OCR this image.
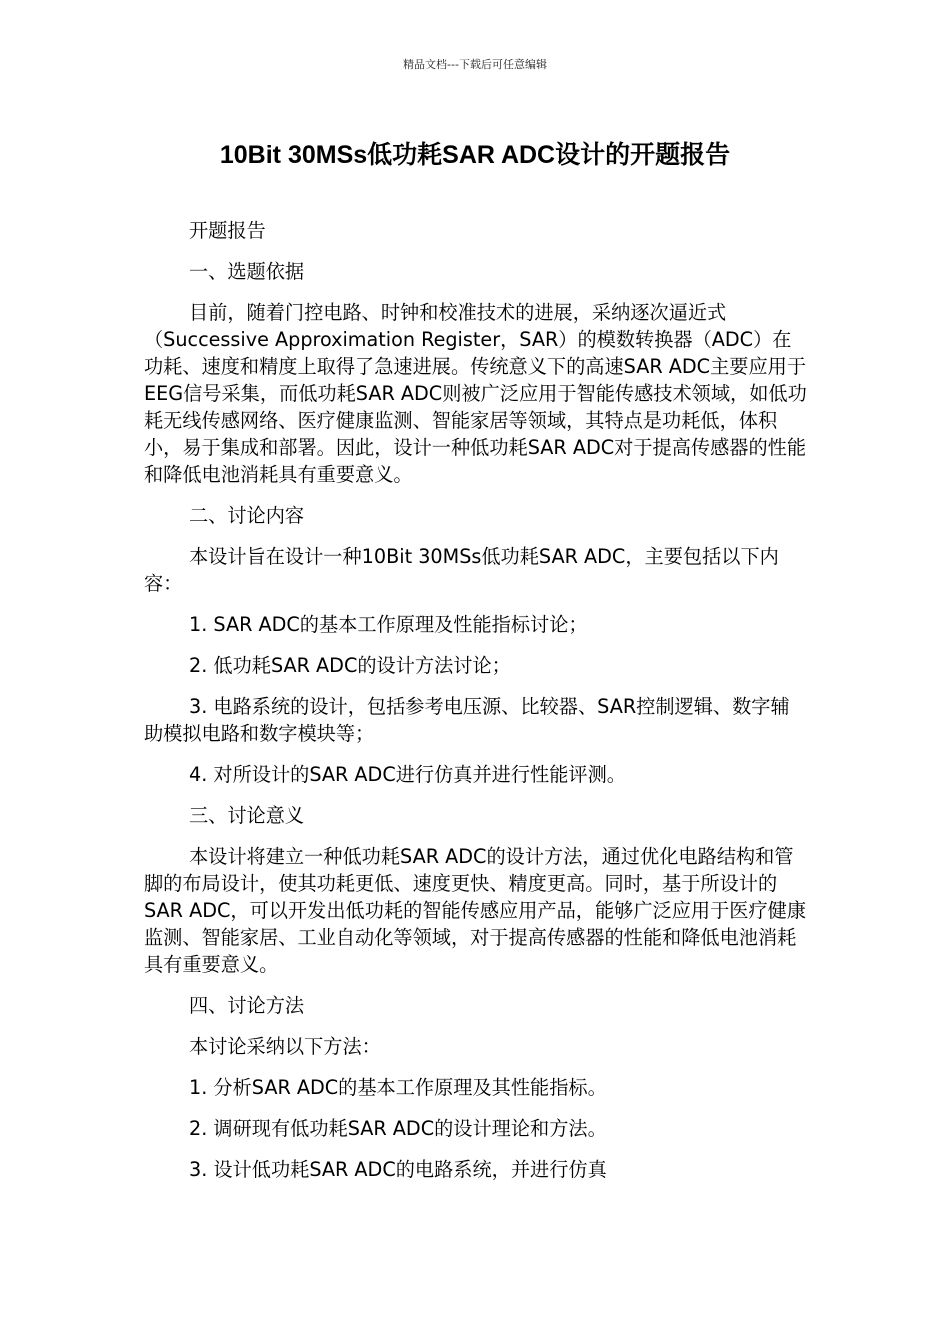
精品文档---下载后可任意编辑
10Bit 30MSs低功耗SAR ADC设计的开题报告

开题报告

一、选题依据

目前，随着门控电路、时钟和校准技术的进展，采纳逐次逼近式（Successive Approximation Register，SAR）的模数转换器（ADC）在功耗、速度和精度上取得了急速进展。传统意义下的高速SAR ADC主要应用于EEG信号采集，而低功耗SAR ADC则被广泛应用于智能传感技术领域，如低功耗无线传感网络、医疗健康监测、智能家居等领域，其特点是功耗低，体积小，易于集成和部署。因此，设计一种低功耗SAR ADC对于提高传感器的性能和降低电池消耗具有重要意义。

二、讨论内容

本设计旨在设计一种10Bit 30MSs低功耗SAR ADC，主要包括以下内容：

1. SAR ADC的基本工作原理及性能指标讨论；

2. 低功耗SAR ADC的设计方法讨论；

3. 电路系统的设计，包括参考电压源、比较器、SAR控制逻辑、数字辅助模拟电路和数字模块等；

4. 对所设计的SAR ADC进行仿真并进行性能评测。

三、讨论意义

本设计将建立一种低功耗SAR ADC的设计方法，通过优化电路结构和管脚的布局设计，使其功耗更低、速度更快、精度更高。同时，基于所设计的SAR ADC，可以开发出低功耗的智能传感应用产品，能够广泛应用于医疗健康监测、智能家居、工业自动化等领域，对于提高传感器的性能和降低电池消耗具有重要意义。

四、讨论方法

本讨论采纳以下方法：

1. 分析SAR ADC的基本工作原理及其性能指标。

2. 调研现有低功耗SAR ADC的设计理论和方法。

3. 设计低功耗SAR ADC的电路系统，并进行仿真
